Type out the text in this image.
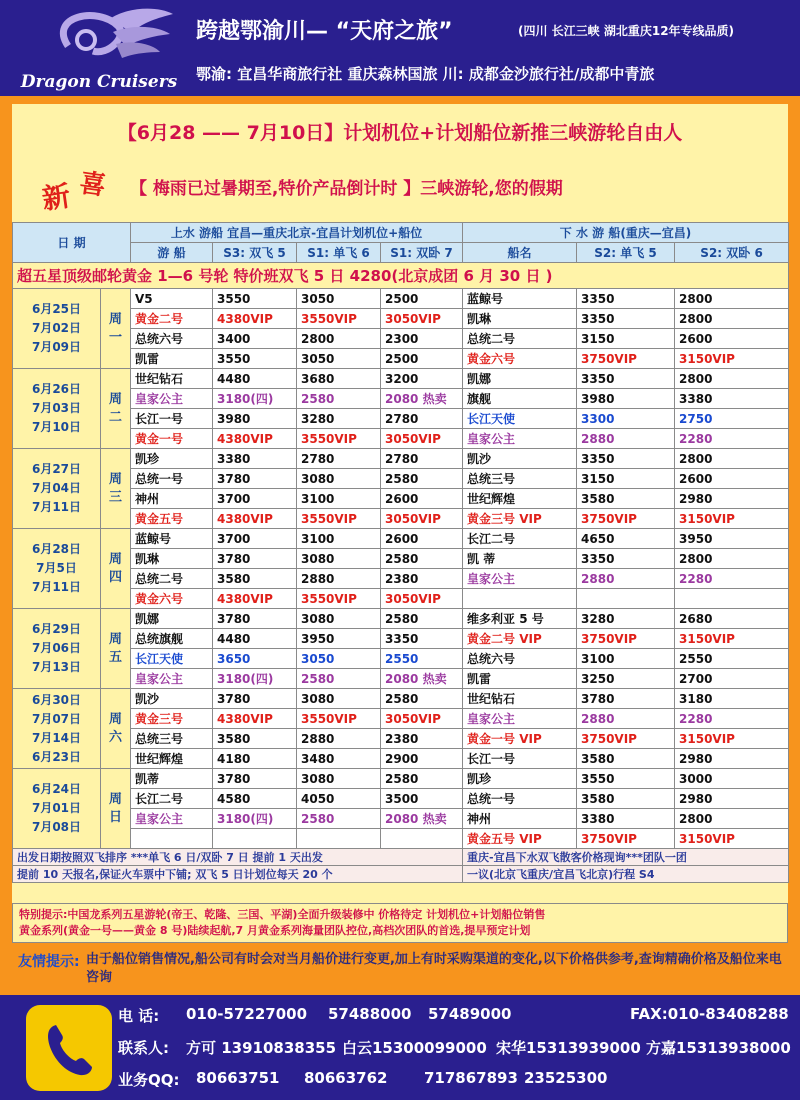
Dragon Cruisers
跨越鄂渝川— “天府之旅”	(四川 长江三峡 湖北重庆12年专线品质)
鄂渝: 宜昌华商旅行社 重庆森林国旅 川: 成都金沙旅行社/成都中青旅
【6月28 —— 7月10日】计划机位+计划船位新推三峡游轮自由人
新 喜 【 梅雨已过暑期至,特价产品倒计时 】三峡游轮,您的假期
日 期		上水 游船 宜昌—重庆北京-宜昌计划机位+船位				下 水 游 船(重庆—宜昌)		
		游 船	S3: 双飞 5	S1: 单飞 6	S1: 双卧 7	船名	S2: 单飞 5	S2: 双卧 6
超五星顶级邮轮黄金 1—6 号轮 特价班双飞 5 日 4280(北京成团 6 月 30 日 )								

6月25日
7月02日
7月09日	周一	V5	3550	3050	2500	蓝鲸号	3350	2800
		黄金二号	4380VIP	3550VIP	3050VIP	凯琳	3350	2800
		总统六号	3400	2800	2300	总统二号	3150	2600
		凯雷	3550	3050	2500	黄金六号	3750VIP	3150VIP

6月26日
7月03日
7月10日	周二	世纪钻石	4480	3680	3200	凯娜	3350	2800
		皇家公主	3180(四)	2580	2080 热卖	旗舰	3980	3380
		长江一号	3980	3280	2780	长江天使	3300	2750
		黄金一号	4380VIP	3550VIP	3050VIP	皇家公主	2880	2280

6月27日
7月04日
7月11日	周三	凯珍	3380	2780	2780	凯沙	3350	2800
		总统一号	3780	3080	2580	总统三号	3150	2600
		神州	3700	3100	2600	世纪辉煌	3580	2980
		黄金五号	4380VIP	3550VIP	3050VIP	黄金三号 VIP	3750VIP	3150VIP

6月28日
7月5日
7月11日	周四	蓝鲸号	3700	3100	2600	长江二号	4650	3950
		凯琳	3780	3080	2580	凯 蒂	3350	2800
		总统二号	3580	2880	2380	皇家公主	2880	2280
		黄金六号	4380VIP	3550VIP	3050VIP			

6月29日
7月06日
7月13日	周五	凯娜	3780	3080	2580	维多利亚 5 号	3280	2680
		总统旗舰	4480	3950	3350	黄金二号 VIP	3750VIP	3150VIP
		长江天使	3650	3050	2550	总统六号	3100	2550
		皇家公主	3180(四)	2580	2080 热卖	凯雷	3250	2700

6月30日
7月07日
7月14日
6月23日	周六	凯沙	3780	3080	2580	世纪钻石	3780	3180
		黄金三号	4380VIP	3550VIP	3050VIP	皇家公主	2880	2280
		总统三号	3580	2880	2380	黄金一号 VIP	3750VIP	3150VIP
		世纪辉煌	4180	3480	2900	长江一号	3580	2980

6月24日
7月01日
7月08日	周日	凯蒂	3780	3080	2580	凯珍	3550	3000
		长江二号	4580	4050	3500	总统一号	3580	2980
		皇家公主	3180(四)	2580	2080 热卖	神州	3380	2800
						黄金五号 VIP	3750VIP	3150VIP
出发日期按照双飞排序 ***单飞 6 日/双卧 7 日 提前 1 天出发						重庆-宜昌下水双飞散客价格现询***团队一团		
提前 10 天报名,保证火车票中下铺; 双飞 5 日计划位每天 20 个						一议(北京飞重庆/宜昌飞北京)行程 S4		
特别提示:中国龙系列五星游轮(帝王、乾隆、三国、平湖)全面升级装修中 价格待定 计划机位+计划船位销售
黄金系列(黄金一号——黄金 8 号)陆续起航,7 月黄金系列海量团队控位,高档次团队的首选,提早预定计划
友情提示: 由于船位销售情况,船公司有时会对当月船价进行变更,加上有时采购渠道的变化,以下价格供参考,查询精确价格及船位来电咨询
电 话: 010-57227000 57488000 57489000	FAX:010-83408288
联系人: 方可 13910838355 白云15300099000 宋华15313939000 方嘉15313938000
业务QQ: 80663751 80663762 717867893 23525300
